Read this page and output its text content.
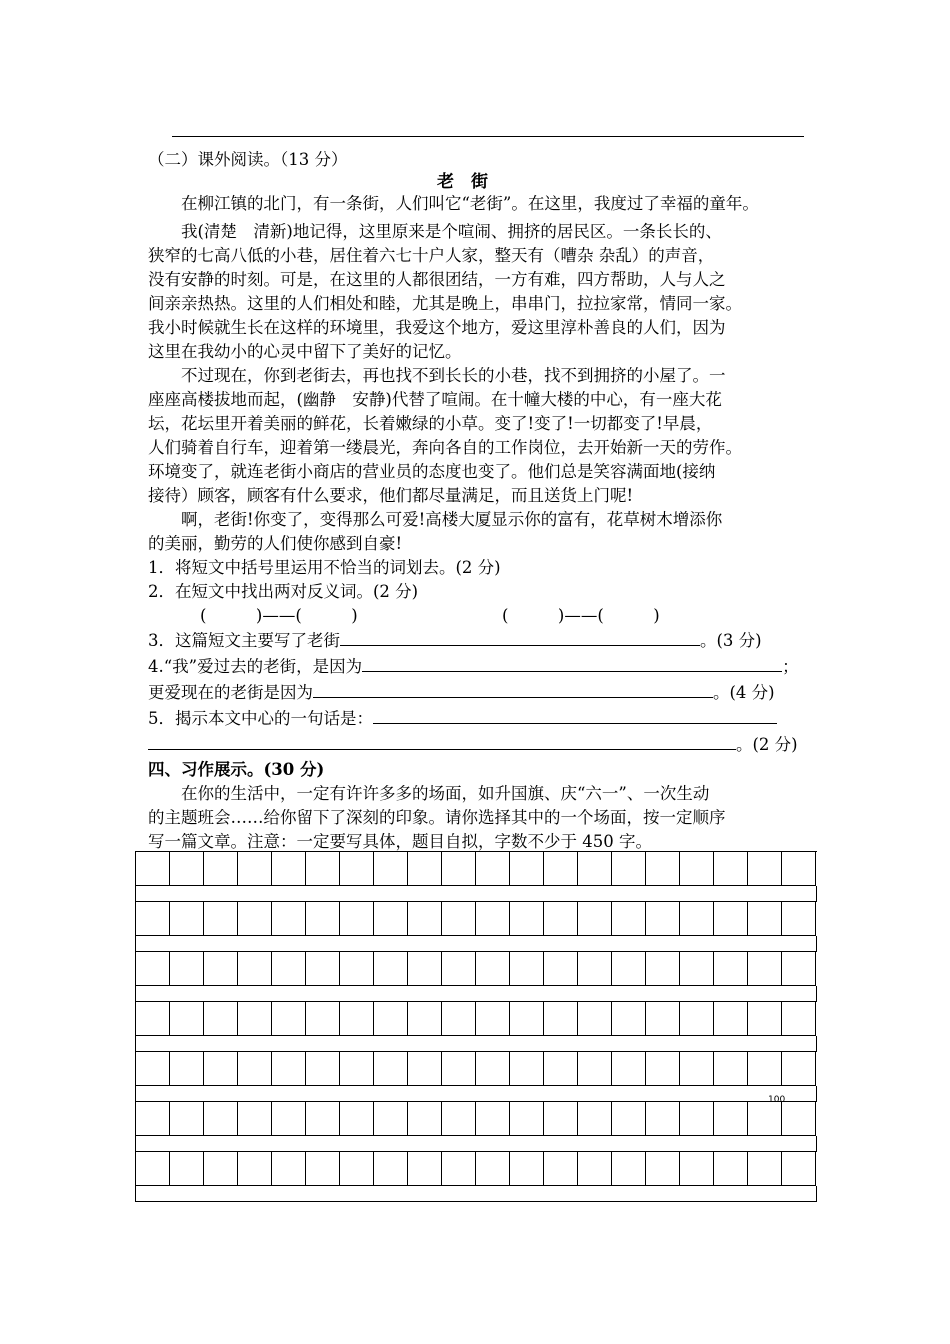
（二）课外阅读。（13 分）
老　街
在柳江镇的北门，有一条街，人们叫它“老街”。在这里，我度过了幸福的童年。
我(清楚　清新)地记得，这里原来是个喧闹、拥挤的居民区。一条长长的、
狭窄的七高八低的小巷，居住着六七十户人家，整天有（嘈杂 杂乱）的声音，
没有安静的时刻。可是，在这里的人都很团结，一方有难，四方帮助，人与人之
间亲亲热热。这里的人们相处和睦，尤其是晚上，串串门，拉拉家常，情同一家。
我小时候就生长在这样的环境里，我爱这个地方，爱这里淳朴善良的人们，因为
这里在我幼小的心灵中留下了美好的记忆。
不过现在，你到老街去，再也找不到长长的小巷，找不到拥挤的小屋了。一
座座高楼拔地而起，(幽静　安静)代替了喧闹。在十幢大楼的中心，有一座大花
坛，花坛里开着美丽的鲜花，长着嫩绿的小草。变了!变了!一切都变了!早晨，
人们骑着自行车，迎着第一缕晨光，奔向各自的工作岗位，去开始新一天的劳作。
环境变了，就连老街小商店的营业员的态度也变了。他们总是笑容满面地(接纳
接待）顾客，顾客有什么要求，他们都尽量满足，而且送货上门呢!
啊，老街!你变了，变得那么可爱!高楼大厦显示你的富有，花草树木增添你
的美丽，勤劳的人们使你感到自豪!
1．将短文中括号里运用不恰当的词划去。(2 分)
2．在短文中找出两对反义词。(2 分)
(　　　)——(　　　)	(　　　)——(　　　)
3．这篇短文主要写了老街	。(3 分)
4.“我”爱过去的老街，是因为	；
更爱现在的老街是因为	。(4 分)
5．揭示本文中心的一句话是：
。(2 分)
四、习作展示。(30 分)
在你的生活中，一定有许许多多的场面，如升国旗、庆“六一”、一次生动
的主题班会……给你留下了深刻的印象。请你选择其中的一个场面，按一定顺序
写一篇文章。注意：一定要写具体，题目自拟，字数不少于 450 字。
100
